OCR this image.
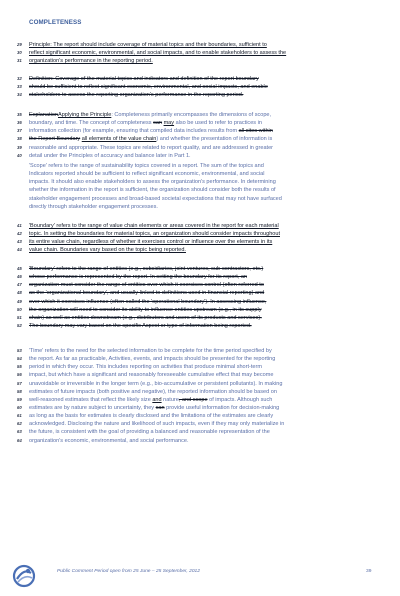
COMPLETENESS
29	Principle: The report should include coverage of material topics and their boundaries, sufficient to
30	reflect significant economic, environmental, and social impacts, and to enable stakeholders to assess the
31	organization's performance in the reporting period.
32	Definition: Coverage of the material topics and indicators and definition of the report boundary
33	should be sufficient to reflect significant economic, environmental, and social impacts, and enable
34	stakeholders to assess the reporting organization's performance in the reporting period.
35	ExplanationApplying the Principle: Completeness primarily encompasses the dimensions of scope,
36	boundary, and time. The concept of completeness can may also be used to refer to practices in
37	information collection (for example, ensuring that compiled data includes results from all sites within
38	the Report Boundary all elements of the value chain) and whether the presentation of information is
39	reasonable and appropriate. These topics are related to report quality, and are addressed in greater
40	detail under the Principles of accuracy and balance later in Part 1.
'Scope' refers to the range of sustainability topics covered in a report. The sum of the topics and
Indicators reported should be sufficient to reflect significant economic, environmental, and social
impacts. It should also enable stakeholders to assess the organization's performance. In determining
whether the information in the report is sufficient, the organization should consider both the results of
stakeholder engagement processes and broad-based societal expectations that may not have surfaced
directly through stakeholder engagement processes.
41	'Boundary' refers to the range of value chain elements or areas covered in the report for each material
42	topic. In setting the boundaries for material topics, an organization should consider impacts throughout
43	its entire value chain, regardless of whether it exercises control or influence over the elements in its
44	value chain. Boundaries vary based on the topic being reported.
45	'Boundary' refers to the range of entities (e.g., subsidiaries, joint ventures, sub-contractors, etc.)
46	whose performance is represented by the report. In setting the boundary for its report, an
47	organization must consider the range of entities over which it exercises control (often referred to
48	as the 'organizational boundary', and usually linked to definitions used in financial reporting) and
49	over which it exercises influence (often called the 'operational boundary'). In assessing influence,
50	the organization will need to consider its ability to influence entities upstream (e.g., in its supply
51	chain) as well as entities downstream (e.g., distributors and users of its products and services).
52	The boundary may vary based on the specific Aspect or type of information being reported.
53	'Time' refers to the need for the selected information to be complete for the time period specified by
54	the report. As far as practicable, Activities, events, and impacts should be presented for the reporting
55	period in which they occur. This includes reporting on activities that produce minimal short-term
56	impact, but which have a significant and reasonably foreseeable cumulative effect that may become
57	unavoidable or irreversible in the longer term (e.g., bio-accumulative or persistent pollutants). In making
58	estimates of future impacts (both positive and negative), the reported information should be based on
59	well-reasoned estimates that reflect the likely size and nature, and scope of impacts. Although such
60	estimates are by nature subject to uncertainty, they can provide useful information for decision-making
61	as long as the basis for estimates is clearly disclosed and the limitations of the estimates are clearly
62	acknowledged. Disclosing the nature and likelihood of such impacts, even if they may only materialize in
63	the future, is consistent with the goal of providing a balanced and reasonable representation of the
64	organization's economic, environmental, and social performance.
Public Comment Period open from 25 June – 25 September, 2012	39
